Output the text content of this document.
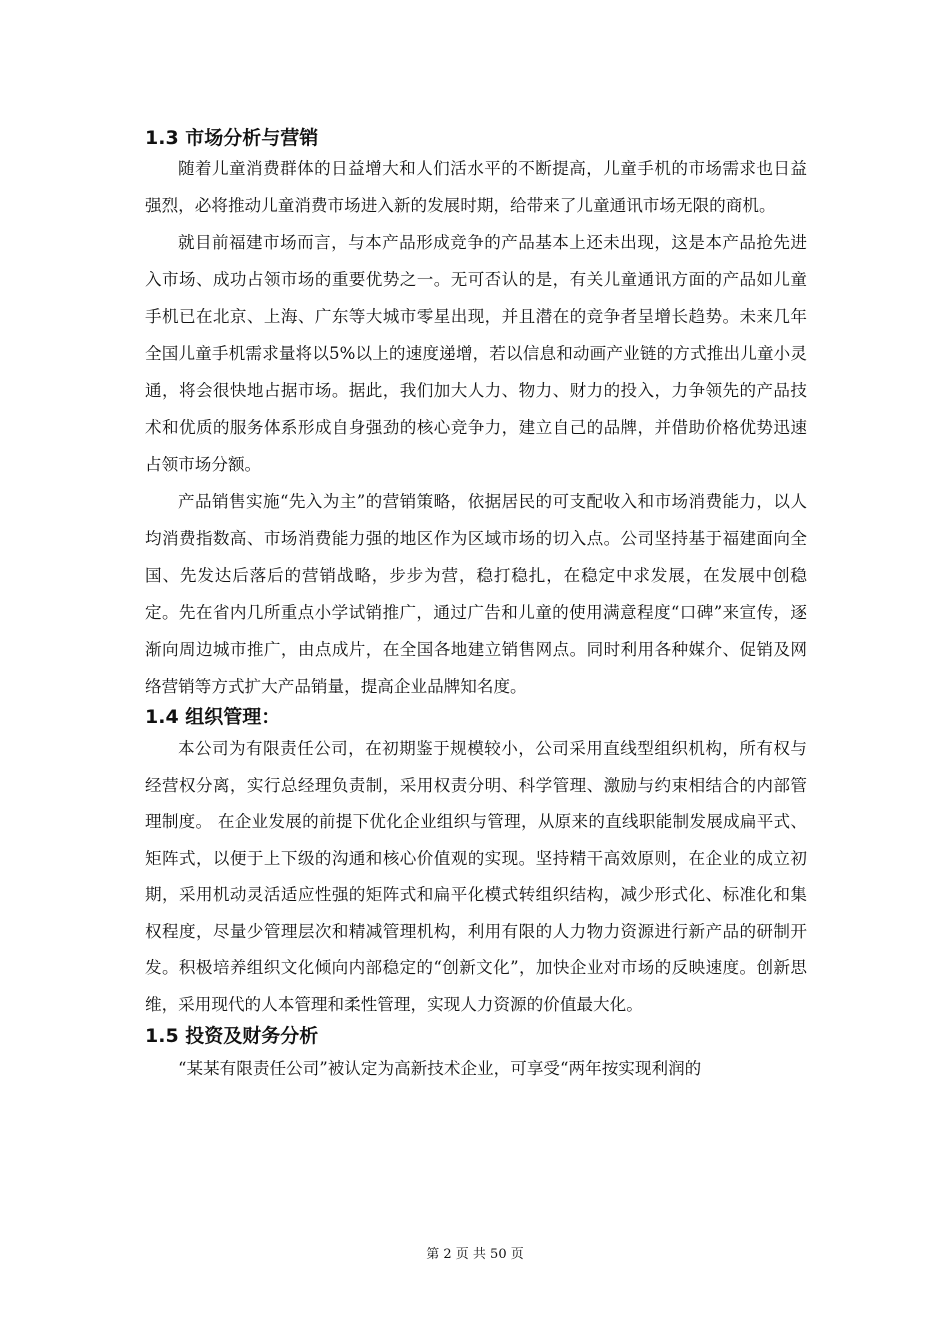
1.3 市场分析与营销

随着儿童消费群体的日益增大和人们活水平的不断提高，儿童手机的市场需求也日益强烈，必将推动儿童消费市场进入新的发展时期，给带来了儿童通讯市场无限的商机。

就目前福建市场而言，与本产品形成竞争的产品基本上还未出现，这是本产品抢先进入市场、成功占领市场的重要优势之一。无可否认的是，有关儿童通讯方面的产品如儿童手机已在北京、上海、广东等大城市零星出现，并且潜在的竞争者呈增长趋势。未来几年全国儿童手机需求量将以5%以上的速度递增，若以信息和动画产业链的方式推出儿童小灵通，将会很快地占据市场。据此，我们加大人力、物力、财力的投入，力争领先的产品技术和优质的服务体系形成自身强劲的核心竞争力，建立自己的品牌，并借助价格优势迅速占领市场分额。

产品销售实施“先入为主”的营销策略，依据居民的可支配收入和市场消费能力，以人均消费指数高、市场消费能力强的地区作为区域市场的切入点。公司坚持基于福建面向全国、先发达后落后的营销战略，步步为营，稳打稳扎，在稳定中求发展，在发展中创稳定。先在省内几所重点小学试销推广，通过广告和儿童的使用满意程度“口碑”来宣传，逐渐向周边城市推广，由点成片，在全国各地建立销售网点。同时利用各种媒介、促销及网络营销等方式扩大产品销量，提高企业品牌知名度。

1.4 组织管理：

本公司为有限责任公司，在初期鉴于规模较小，公司采用直线型组织机构，所有权与经营权分离，实行总经理负责制，采用权责分明、科学管理、激励与约束相结合的内部管理制度。 在企业发展的前提下优化企业组织与管理，从原来的直线职能制发展成扁平式、矩阵式，以便于上下级的沟通和核心价值观的实现。坚持精干高效原则，在企业的成立初期，采用机动灵活适应性强的矩阵式和扁平化模式转组织结构，减少形式化、标准化和集权程度，尽量少管理层次和精减管理机构，利用有限的人力物力资源进行新产品的研制开发。积极培养组织文化倾向内部稳定的“创新文化”，加快企业对市场的反映速度。创新思维，采用现代的人本管理和柔性管理，实现人力资源的价值最大化。

1.5 投资及财务分析

“某某有限责任公司”被认定为高新技术企业，可享受“两年按实现利润的

第 2 页 共 50 页
